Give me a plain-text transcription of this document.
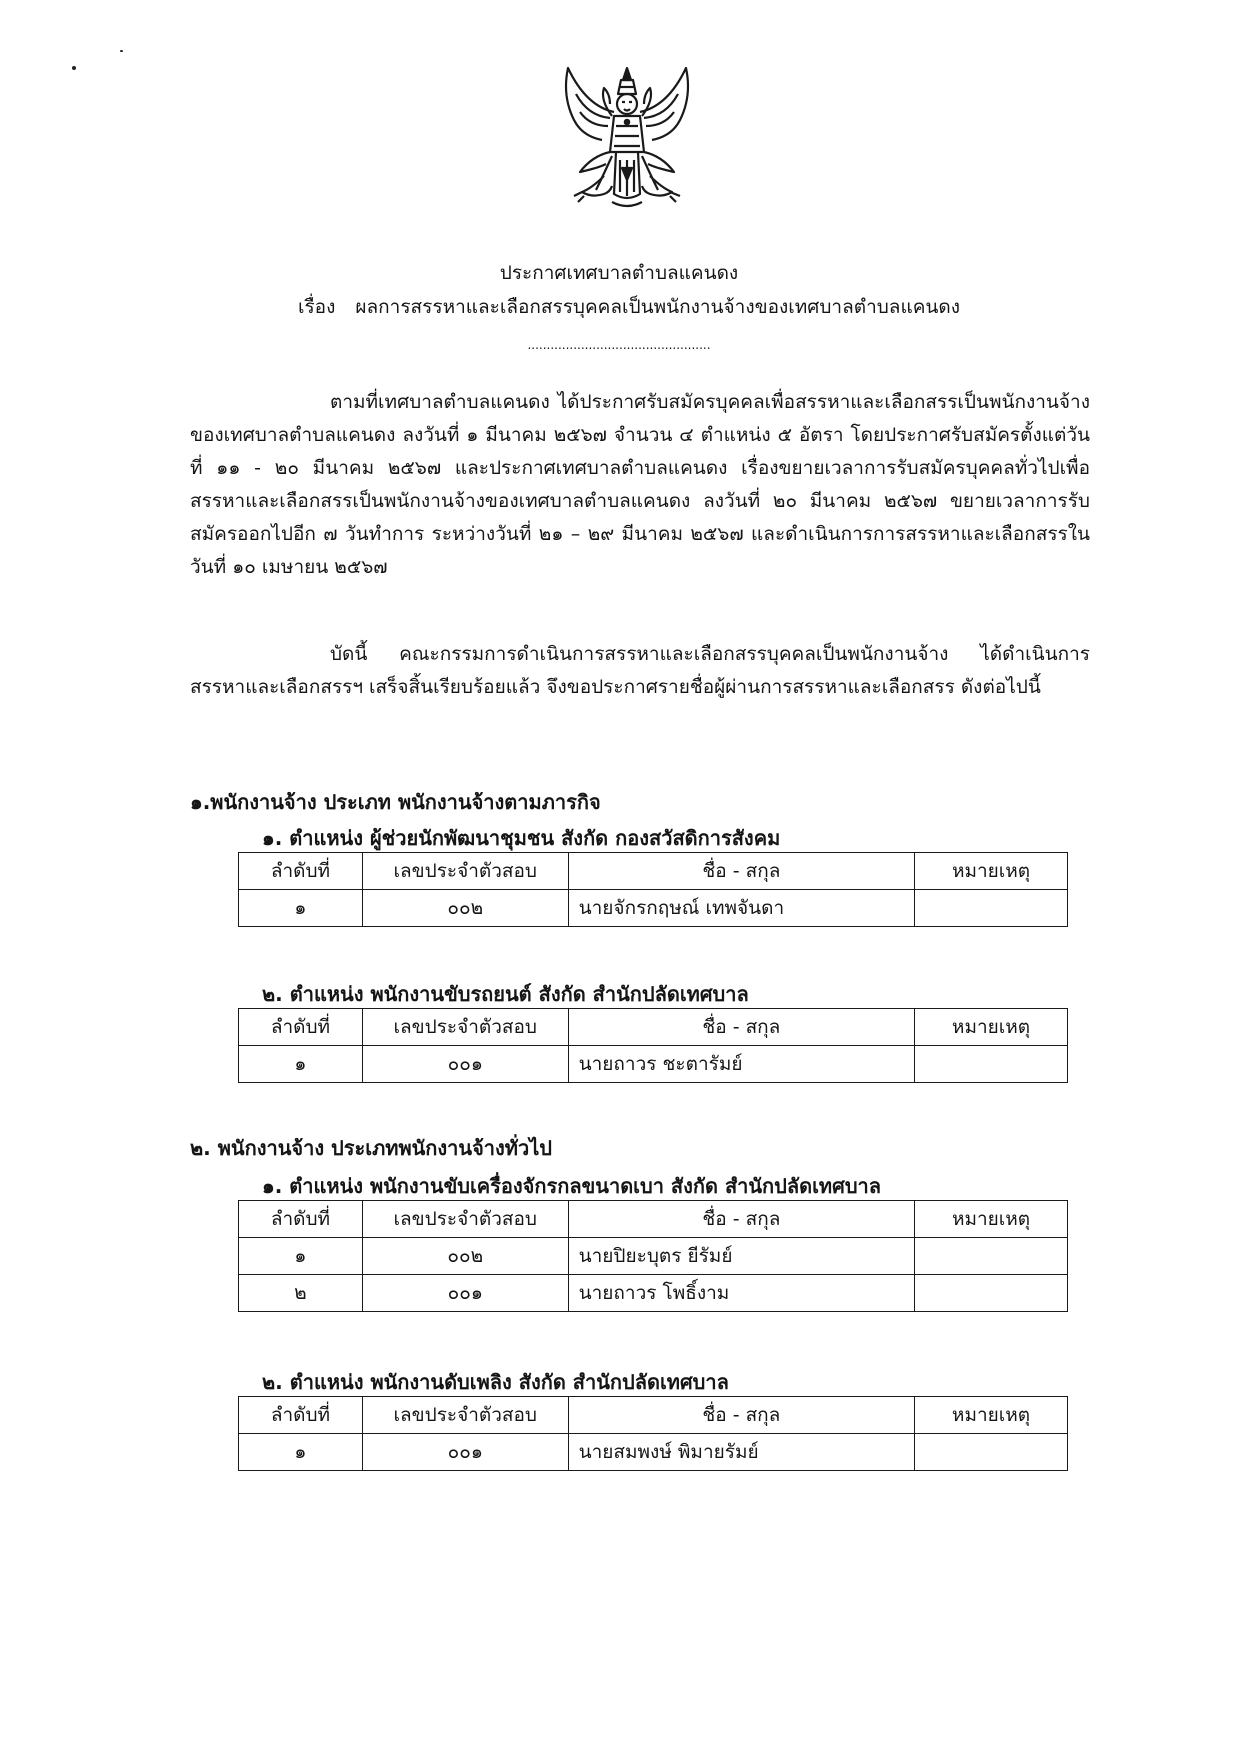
ประกาศเทศบาลตำบลแคนดง
เรื่อง ผลการสรรหาและเลือกสรรบุคคลเป็นพนักงานจ้างของเทศบาลตำบลแคนดง
................................................

ตามที่เทศบาลตำบลแคนดง ได้ประกาศรับสมัครบุคคลเพื่อสรรหาและเลือกสรรเป็นพนักงานจ้างของเทศบาลตำบลแคนดง ลงวันที่ ๑ มีนาคม ๒๕๖๗ จำนวน ๔ ตำแหน่ง ๕ อัตรา โดยประกาศรับสมัครตั้งแต่วันที่ ๑๑ - ๒๐ มีนาคม ๒๕๖๗ และประกาศเทศบาลตำบลแคนดง เรื่องขยายเวลาการรับสมัครบุคคลทั่วไปเพื่อสรรหาและเลือกสรรเป็นพนักงานจ้างของเทศบาลตำบลแคนดง ลงวันที่ ๒๐ มีนาคม ๒๕๖๗ ขยายเวลาการรับสมัครออกไปอีก ๗ วันทำการ ระหว่างวันที่ ๒๑ – ๒๙ มีนาคม ๒๕๖๗ และดำเนินการการสรรหาและเลือกสรรในวันที่ ๑๐ เมษายน ๒๕๖๗

บัดนี้ คณะกรรมการดำเนินการสรรหาและเลือกสรรบุคคลเป็นพนักงานจ้าง ได้ดำเนินการสรรหาและเลือกสรรฯ เสร็จสิ้นเรียบร้อยแล้ว จึงขอประกาศรายชื่อผู้ผ่านการสรรหาและเลือกสรร ดังต่อไปนี้

๑.พนักงานจ้าง ประเภท พนักงานจ้างตามภารกิจ
๑. ตำแหน่ง ผู้ช่วยนักพัฒนาชุมชน สังกัด กองสวัสดิการสังคม
ลำดับที่	เลขประจำตัวสอบ	ชื่อ - สกุล	หมายเหตุ
๑	๐๐๒	นายจักรกฤษณ์ เทพจันดา	
๒. ตำแหน่ง พนักงานขับรถยนต์ สังกัด สำนักปลัดเทศบาล
ลำดับที่	เลขประจำตัวสอบ	ชื่อ - สกุล	หมายเหตุ
๑	๐๐๑	นายถาวร ชะตารัมย์	
๒. พนักงานจ้าง ประเภทพนักงานจ้างทั่วไป
๑. ตำแหน่ง พนักงานขับเครื่องจักรกลขนาดเบา สังกัด สำนักปลัดเทศบาล
ลำดับที่	เลขประจำตัวสอบ	ชื่อ - สกุล	หมายเหตุ
๑	๐๐๒	นายปิยะบุตร ยีรัมย์	
๒	๐๐๑	นายถาวร โพธิ์งาม	
๒. ตำแหน่ง พนักงานดับเพลิง สังกัด สำนักปลัดเทศบาล
ลำดับที่	เลขประจำตัวสอบ	ชื่อ - สกุล	หมายเหตุ
๑	๐๐๑	นายสมพงษ์ พิมายรัมย์	
